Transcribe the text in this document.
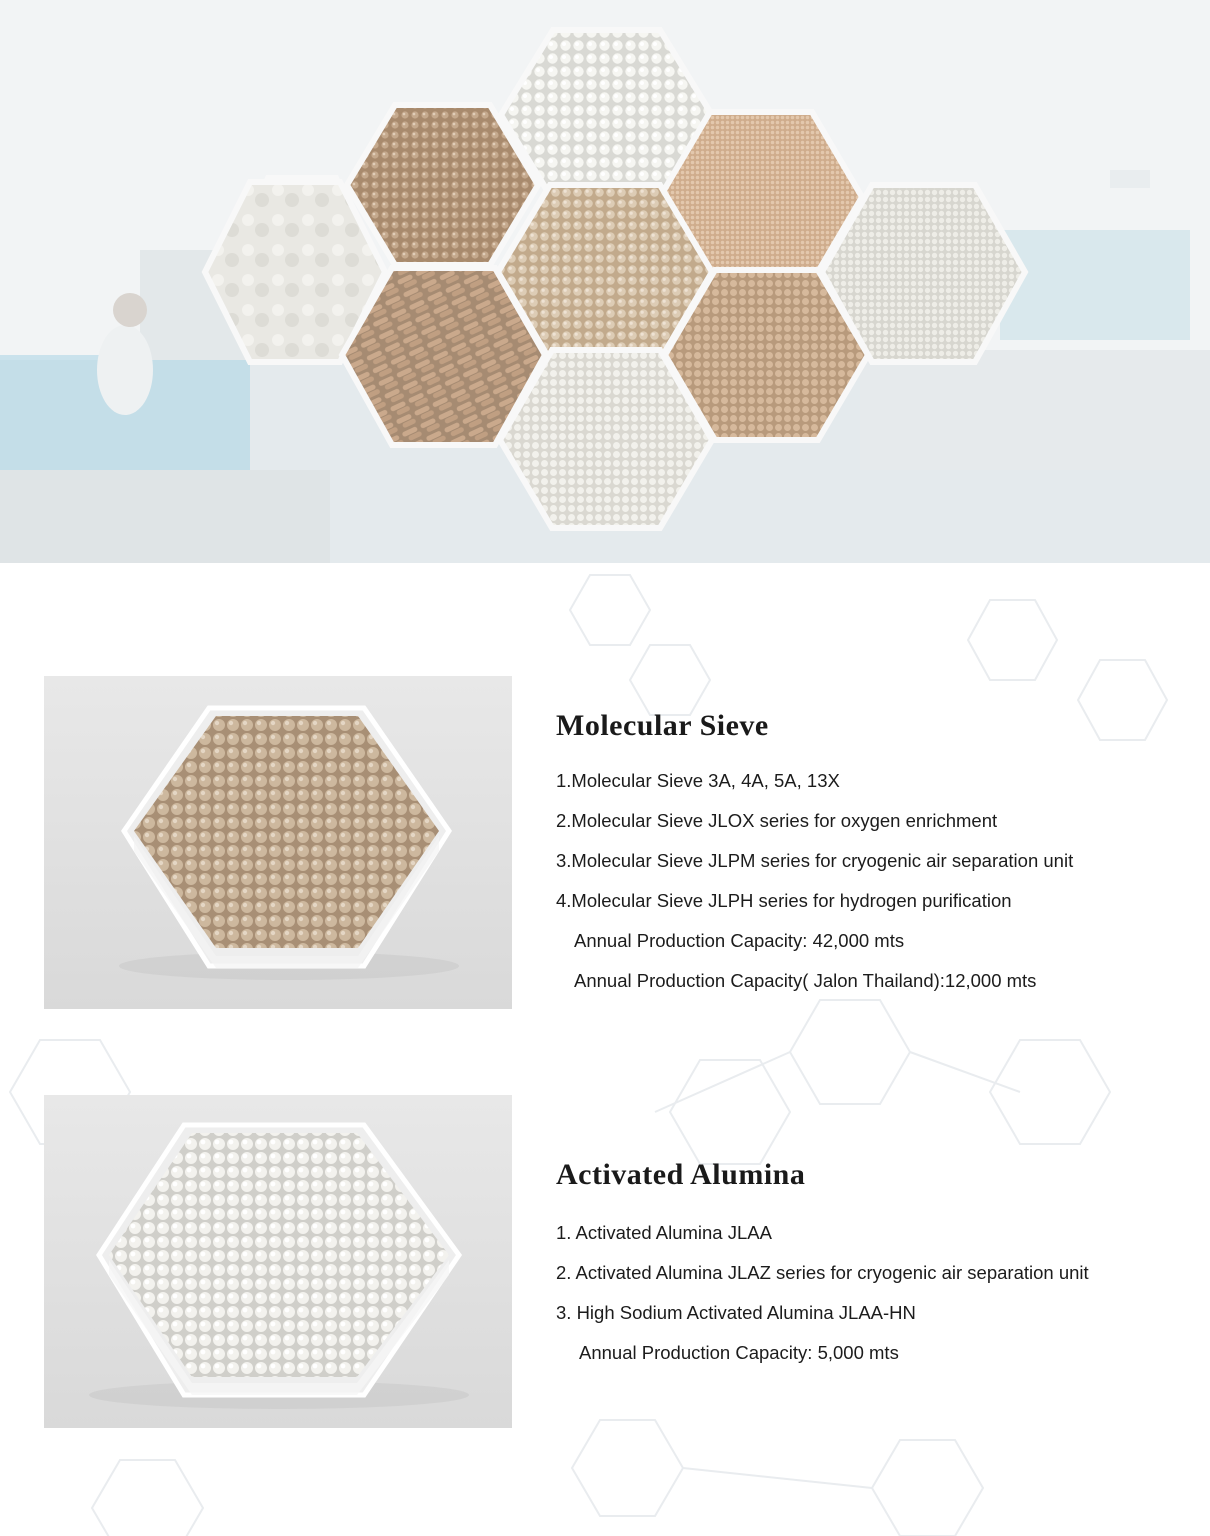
Molecular Sieve
1.Molecular Sieve 3A, 4A, 5A, 13X
2.Molecular Sieve JLOX series for oxygen enrichment
3.Molecular Sieve JLPM series for cryogenic air separation unit
4.Molecular Sieve JLPH series for hydrogen purification
Annual Production Capacity: 42,000 mts
Annual Production Capacity( Jalon Thailand):12,000 mts
Activated Alumina
1. Activated Alumina JLAA
2. Activated Alumina JLAZ series for cryogenic air separation unit
3. High Sodium Activated Alumina JLAA-HN
Annual Production Capacity: 5,000 mts
